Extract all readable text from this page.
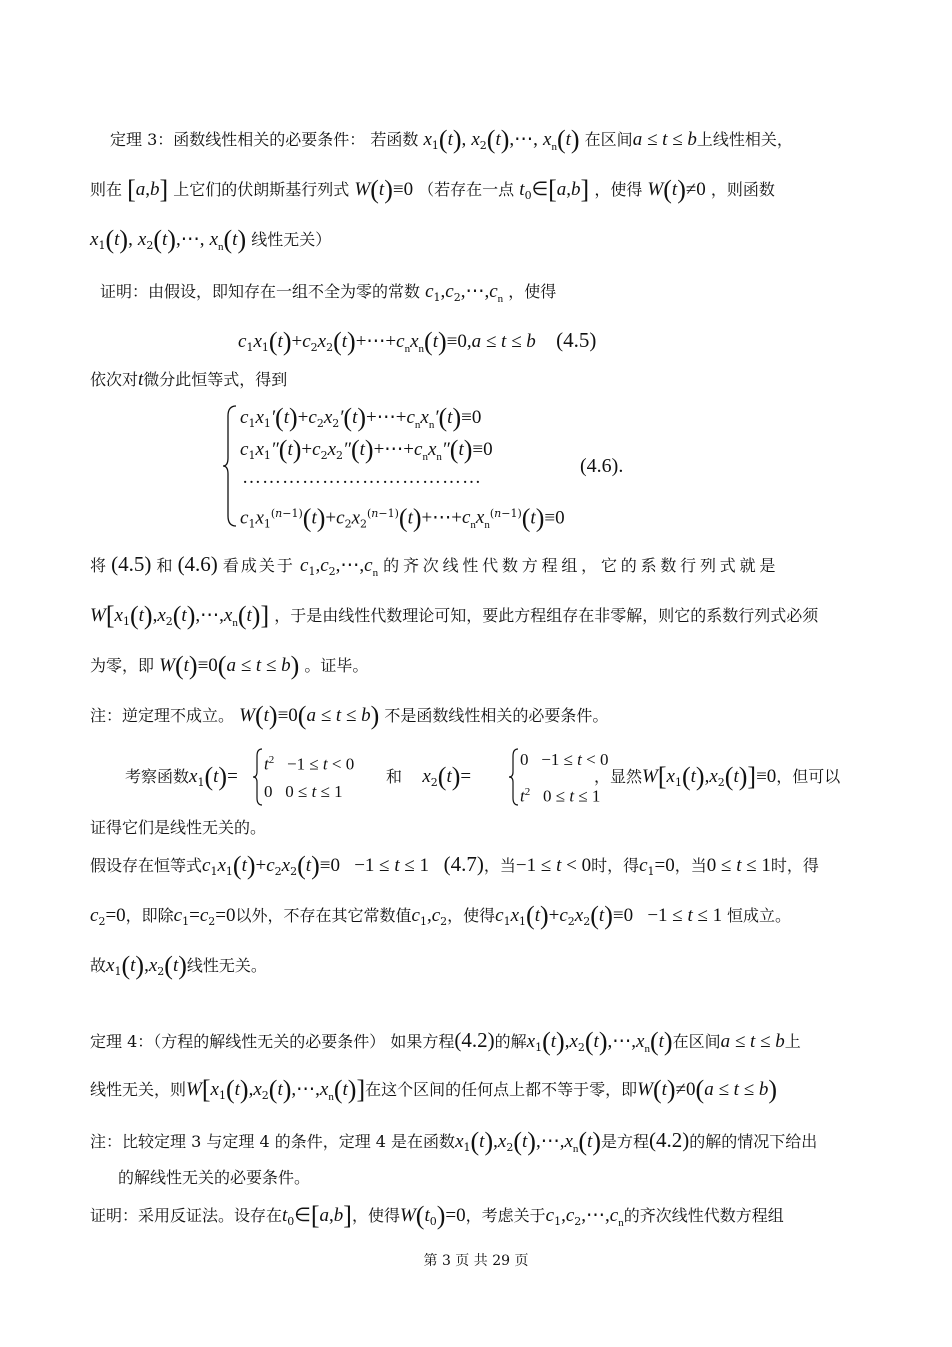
定理 3：函数线性相关的必要条件： 若函数 $x_1(t)$, $x_2(t),\cdots$, $x_n(t)$ 在区间a ≤ t ≤ b上线性相关，
则在 [a,b] 上它们的伏朗斯基行列式 W(t)≡0 （若存在一点 $t_0\in[a,b]$ ，使得 W(t)≠0 ，则函数
$x_1(t)$, $x_2(t),\cdots$, $x_n(t)$ 线性无关）
证明：由假设，即知存在一组不全为零的常数 $c_1,c_2,\cdots,c_n$ ，使得
$c_1x_1(t)+c_2x_2(t)+\cdots+c_nx_n(t)\equiv 0,a \le t \le b$ (4.5)
依次对t微分此恒等式，得到
$c_1x_1'(t)+c_2x_2'(t)+\cdots+c_nx_n'(t)\equiv 0$
$c_1x_1''(t)+c_2x_2''(t)+\cdots+c_nx_n''(t)\equiv 0$
………………………………
$c_1x_1^{(n-1)}(t)+c_2x_2^{(n-1)}(t)+\cdots+c_nx_n^{(n-1)}(t)\equiv 0$
(4.6).
将 (4.5) 和 (4.6) 看成关于 $c_1,c_2,\cdots,c_n$ 的齐次线性代数方程组，它的系数行列式就是
$W[x_1(t),x_2(t),\cdots,x_n(t)]$ ，于是由线性代数理论可知，要此方程组存在非零解，则它的系数行列式必须
为零，即 W(t)≡0(a ≤ t ≤ b) 。证毕。
注：逆定理不成立。 W(t)≡0(a ≤ t ≤ b) 不是函数线性相关的必要条件。
考察函数$x_1(t)=$
$t^2 -1 \le t < 0$
0   0 ≤ t ≤ 1
和 $x_2(t)=$
0   −1 ≤ t < 0
$t^2$   0 ≤ t ≤ 1
，显然$W[x_1(t),x_2(t)]\equiv 0$，但可以
证得它们是线性无关的。
假设存在恒等式$c_1x_1(t)+c_2x_2(t)\equiv 0 -1 \le t \le 1$   (4.7)，当−1 ≤ t < 0时，得$c_1=0$，当0 ≤ t ≤ 1时，得
$c_2=0$，即除$c_1=c_2=0$以外，不存在其它常数值$c_1,c_2$，使得$c_1x_1(t)+c_2x_2(t)\equiv 0 -1 \le t \le 1$ 恒成立。
故$x_1(t),x_2(t)$线性无关。
定理 4：（方程的解线性无关的必要条件） 如果方程(4.2)的解$x_1(t),x_2(t),\cdots,x_n(t)$在区间a ≤ t ≤ b上
线性无关，则$W[x_1(t),x_2(t),\cdots,x_n(t)]$在这个区间的任何点上都不等于零，即W(t)≠0(a ≤ t ≤ b)
注：比较定理 3 与定理 4 的条件，定理 4 是在函数$x_1(t),x_2(t),\cdots,x_n(t)$是方程(4.2)的解的情况下给出
的解线性无关的必要条件。
证明：采用反证法。设存在$t_0\in[a,b]$，使得$W(t_0)=0$，考虑关于$c_1,c_2,\cdots,c_n$的齐次线性代数方程组
第 3 页 共 29 页
